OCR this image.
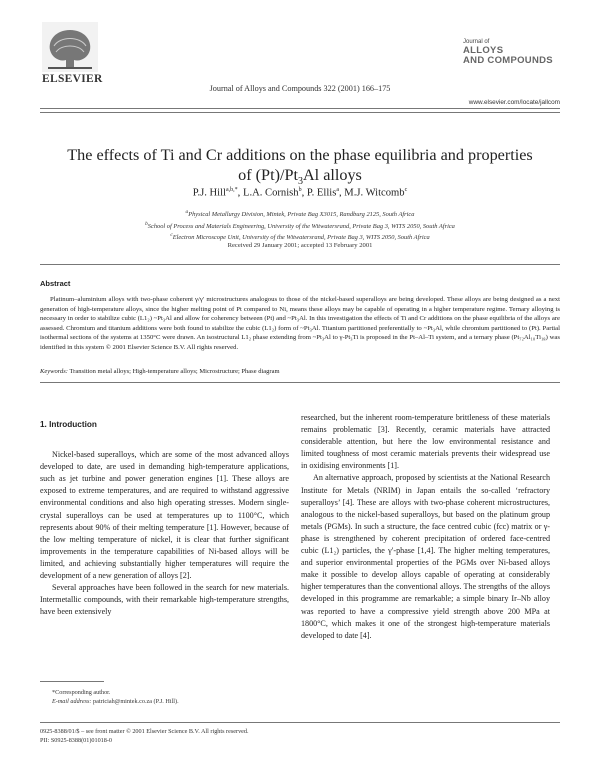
ELSEVIER
Journal of Alloys and Compounds 322 (2001) 166–175
Journal of
ALLOYS
AND COMPOUNDS
www.elsevier.com/locate/jallcom
The effects of Ti and Cr additions on the phase equilibria and properties
of $(Pt)/Pt_3Al$ alloys
P.J. Hill$^{a,b,*}$, L.A. Cornish$^b$, P. Ellis$^a$, M.J. Witcomb$^c$
$^a$Physical Metallurgy Division, Mintek, Private Bag X3015, Randburg 2125, South Africa
$^b$School of Process and Materials Engineering, University of the Witwatersrand, Private Bag 3, WITS 2050, South Africa
$^c$Electron Microscope Unit, University of the Witwatersrand, Private Bag 3, WITS 2050, South Africa
Received 29 January 2001; accepted 13 February 2001
Abstract

Platinum–aluminium alloys with two-phase coherent γ/γ′ microstructures analogous to those of the nickel-based superalloys are being developed. These alloys are being designed as a next generation of high-temperature alloys, since the higher melting point of Pt compared to Ni, means these alloys may be capable of operating in a higher temperature regime. Ternary alloying is necessary in order to stabilize cubic (L1₂) ~Pt₃Al and allow for coherency between (Pt) and ~Pt₃Al. In this investigation the effects of Ti and Cr additions on the phase equilibria of the alloys are assessed. Chromium and titanium additions were both found to stabilize the cubic (L1₂) form of ~Pt₃Al. Titanium partitioned preferentially to ~Pt₃Al, while chromium partitioned to (Pt). Partial isothermal sections of the systems at 1350°C were drawn. An isostructural L1₂ phase extending from ~Pt₃Al to γ-Pt₃Ti is proposed in the Pt–Al–Ti system, and a ternary phase (Pt₇₂Al₁₀Ti₁₈) was identified in this system © 2001 Elsevier Science B.V. All rights reserved.

Keywords: Transition metal alloys; High-temperature alloys; Microstructure; Phase diagram
1. Introduction

Nickel-based superalloys, which are some of the most advanced alloys developed to date, are used in demanding high-temperature applications, such as jet turbine and power generation engines [1]. These alloys are exposed to extreme temperatures, and are required to withstand aggressive environmental conditions and also high operating stresses. Modern single-crystal superalloys can be used at temperatures up to 1100°C, which represents about 90% of their melting temperature [1]. However, because of the low melting temperature of nickel, it is clear that further significant improvements in the temperature capabilities of Ni-based alloys will be limited, and achieving substantially higher temperatures will require the development of a new generation of alloys [2].

Several approaches have been followed in the search for new materials. Intermetallic compounds, with their remarkable high-temperature strengths, have been extensively

researched, but the inherent room-temperature brittleness of these materials remains problematic [3]. Recently, ceramic materials have attracted considerable attention, but here the low environmental resistance and limited toughness of most ceramic materials prevents their widespread use in oxidising environments [1].

An alternative approach, proposed by scientists at the National Research Institute for Metals (NRIM) in Japan entails the so-called ‘refractory superalloys’ [4]. These are alloys with two-phase coherent microstructures, analogous to the nickel-based superalloys, but based on the platinum group metals (PGMs). In such a structure, the face centred cubic (fcc) matrix or γ-phase is strengthened by coherent precipitation of ordered face-centred cubic (L1₂) particles, the γ′-phase [1,4]. The higher melting temperatures, and superior environmental properties of the PGMs over Ni-based alloys make it possible to develop alloys capable of operating at considerably higher temperatures than the conventional alloys. The strengths of the alloys developed in this programme are remarkable; a simple binary Ir–Nb alloy was reported to have a compressive yield strength above 200 MPa at 1800°C, which makes it one of the strongest high-temperature materials developed to date [4].

*Corresponding author.
E-mail address: patriciah@mintek.co.za (P.J. Hill).
0925-8388/01/$ – see front matter © 2001 Elsevier Science B.V. All rights reserved.
PII: S0925-8388(01)01018-0
